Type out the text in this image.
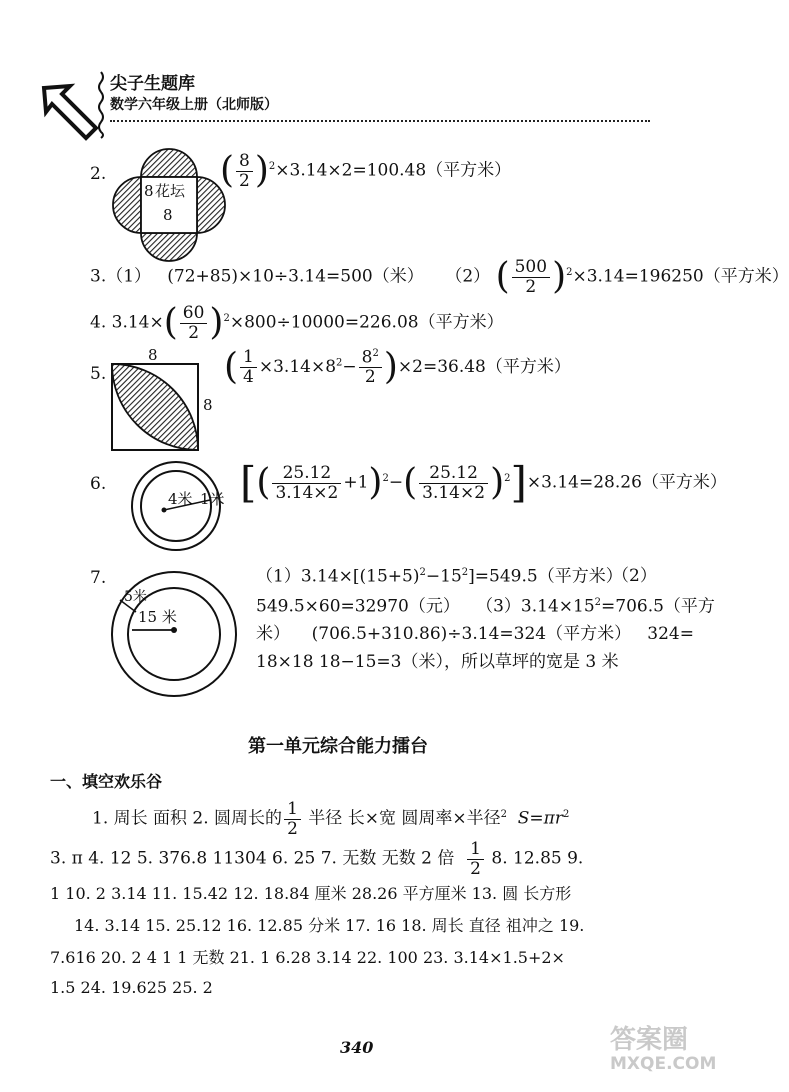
尖子生题库
数学六年级上册（北师版）
2.
8 花坛
8
( $\frac{8}{2} )^2\times 3.14\times 2=100.48$（平方米）
3.（1） (72+85)×10÷3.14=500（米） （2） ( $\frac{500}{2} )^2\times 3.14=196250$（平方米）
4. $3.14\times( \frac{60}{2} )^2\times 800\div 10000=226.08$（平方米）
5.
8
8
( $\frac{1}{4} \times 3.14\times 8^2- \frac{8^2}{2} )\times 2=36.48$（平方米）
6.
4米 1米 [( $\frac{25.12}{3.14\times 2} +1)^2-( \frac{25.12}{3.14\times 2} )^2]\times 3.14=28.26$（平方米）
7.
5米
15 米
$(1)3.14\times[(15+5)^2-15^2]=549.5$（平方米）
（2）
549.5×60=32970（元） $(3)3.14\times 15^2=706.5$（平方
米） (706.5+310.86)÷3.14=324（平方米） 324=
18×18 18−15=3（米），所以草坪的宽是 3 米
第一单元综合能力擂台
一、填空欢乐谷
1. 周长 面积 2. 圆周长的 $\frac{1}{2}$ 半径 长×宽 圆周率×半径$^2$ $S=\pi r^2$
3. π 4. 12 5. 376.8 11304 6. 25 7. 无数 无数 2 倍 $\frac{1}{2} 8$. 12.85 9.
1 10. 2 3.14 11. 15.42 12. 18.84 厘米 28.26 平方厘米 13. 圆 长方形
14. 3.14 15. 25.12 16. 12.85 分米 17. 16 18. 周长 直径 祖冲之 19.
7.616 20. 2 4 1 1 无数 21. 1 6.28 3.14 22. 100 23. 3.14×1.5+2×
1.5 24. 19.625 25. 2
340	答案圈
MXQE.COM
